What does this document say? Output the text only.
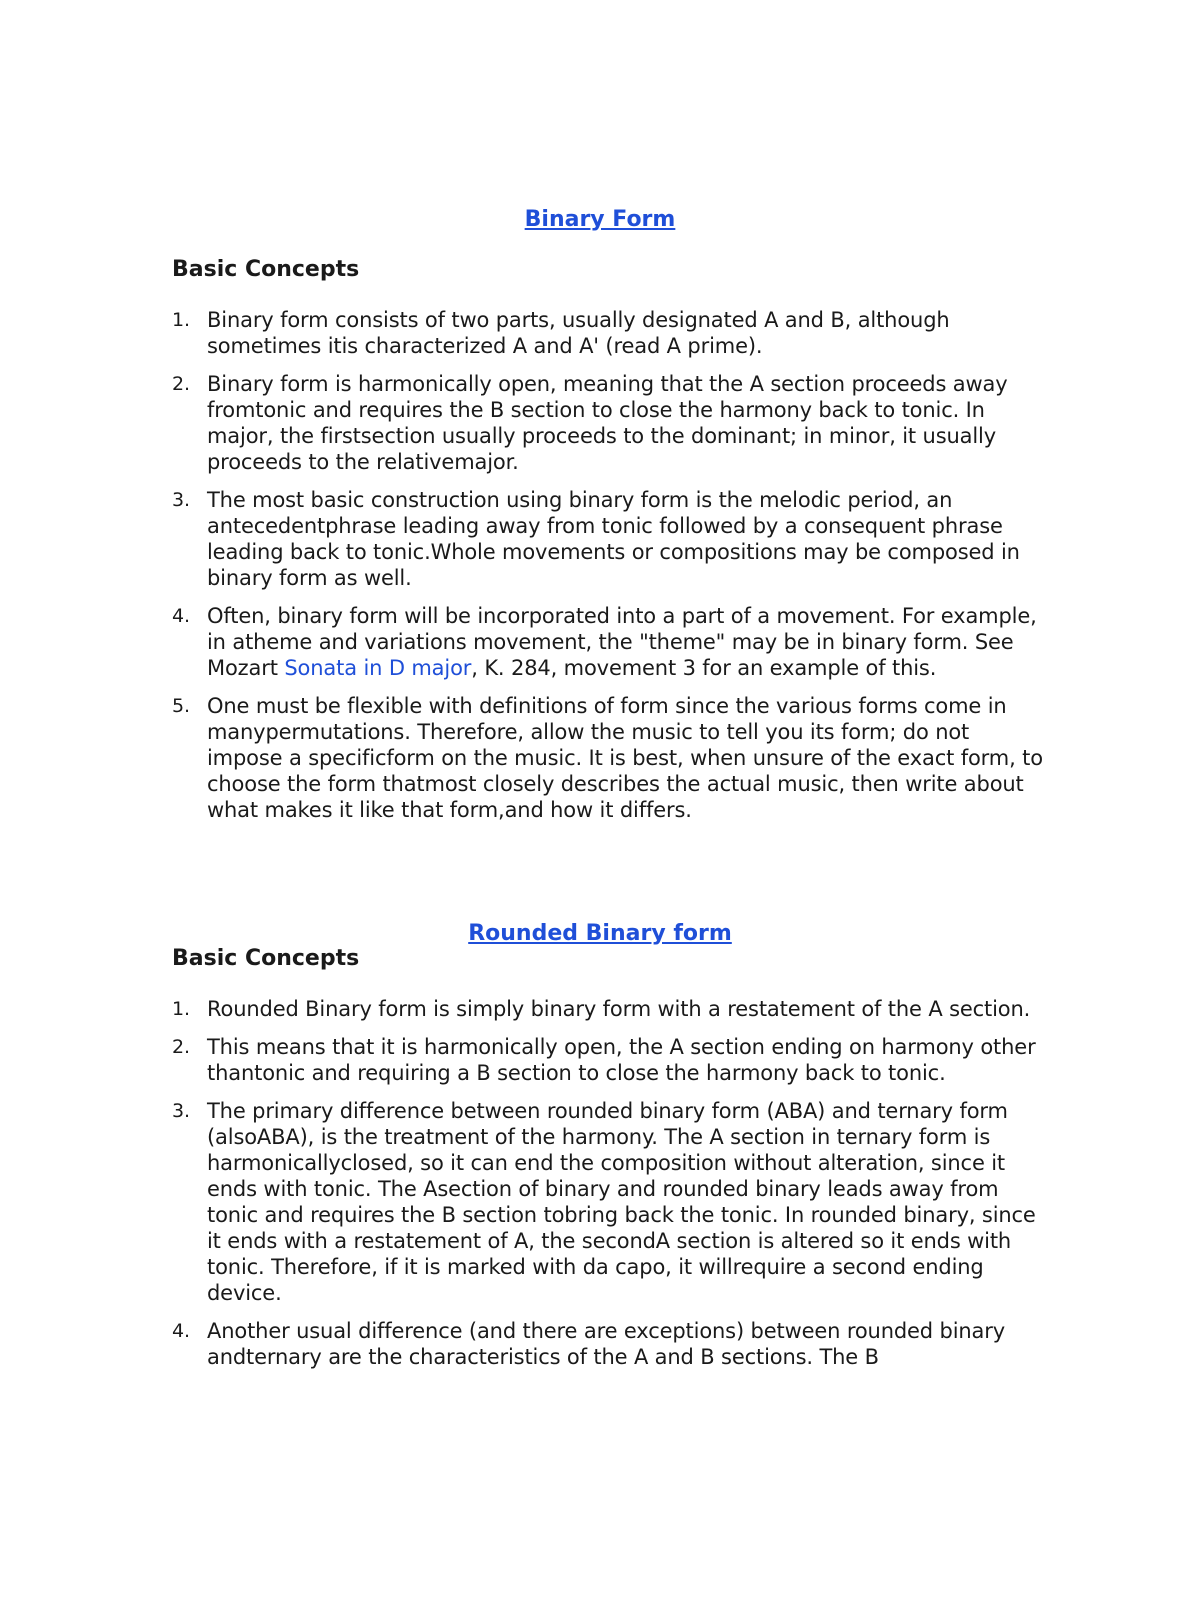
Binary Form
Basic Concepts
1. Binary form consists of two parts, usually designated A and B, although sometimes itis characterized A and A' (read A prime).
2. Binary form is harmonically open, meaning that the A section proceeds away fromtonic and requires the B section to close the harmony back to tonic. In major, the firstsection usually proceeds to the dominant; in minor, it usually proceeds to the relativemajor.
3. The most basic construction using binary form is the melodic period, an antecedentphrase leading away from tonic followed by a consequent phrase leading back to tonic.Whole movements or compositions may be composed in binary form as well.
4. Often, binary form will be incorporated into a part of a movement. For example, in atheme and variations movement, the "theme" may be in binary form. See Mozart Sonata in D major, K. 284, movement 3 for an example of this.
5. One must be flexible with definitions of form since the various forms come in manypermutations. Therefore, allow the music to tell you its form; do not impose a specificform on the music. It is best, when unsure of the exact form, to choose the form thatmost closely describes the actual music, then write about what makes it like that form,and how it differs.
Rounded Binary form
Basic Concepts
1. Rounded Binary form is simply binary form with a restatement of the A section.
2. This means that it is harmonically open, the A section ending on harmony other thantonic and requiring a B section to close the harmony back to tonic.
3. The primary difference between rounded binary form (ABA) and ternary form (alsoABA), is the treatment of the harmony. The A section in ternary form is harmonicallyclosed, so it can end the composition without alteration, since it ends with tonic. The Asection of binary and rounded binary leads away from tonic and requires the B section tobring back the tonic. In rounded binary, since it ends with a restatement of A, the secondA section is altered so it ends with tonic. Therefore, if it is marked with da capo, it willrequire a second ending device.
4. Another usual difference (and there are exceptions) between rounded binary andternary are the characteristics of the A and B sections. The B
